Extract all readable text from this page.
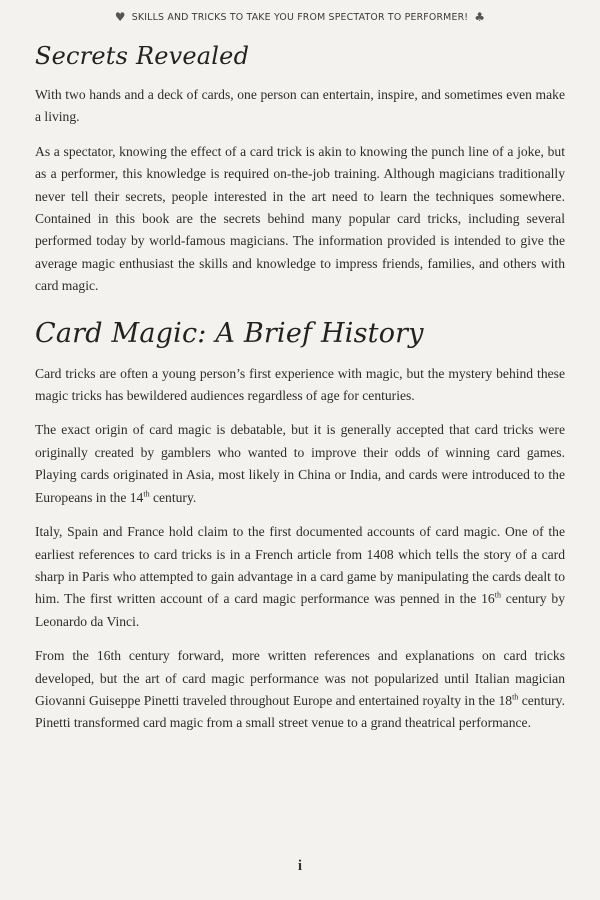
♥ SKILLS AND TRICKS TO TAKE YOU FROM SPECTATOR TO PERFORMER! ♣
Secrets Revealed

With two hands and a deck of cards, one person can entertain, inspire, and sometimes even make a living.

As a spectator, knowing the effect of a card trick is akin to knowing the punch line of a joke, but as a performer, this knowledge is required on-the-job training. Although magicians traditionally never tell their secrets, people interested in the art need to learn the techniques somewhere. Contained in this book are the secrets behind many popular card tricks, including several performed today by world-famous magicians. The information provided is intended to give the average magic enthusiast the skills and knowledge to impress friends, families, and others with card magic.

Card Magic: A Brief History

Card tricks are often a young person’s first experience with magic, but the mystery behind these magic tricks has bewildered audiences regardless of age for centuries.

The exact origin of card magic is debatable, but it is generally accepted that card tricks were originally created by gamblers who wanted to improve their odds of winning card games. Playing cards originated in Asia, most likely in China or India, and cards were introduced to the Europeans in the 14th century.

Italy, Spain and France hold claim to the first documented accounts of card magic. One of the earliest references to card tricks is in a French article from 1408 which tells the story of a card sharp in Paris who attempted to gain advantage in a card game by manipulating the cards dealt to him. The first written account of a card magic performance was penned in the 16th century by Leonardo da Vinci.

From the 16th century forward, more written references and explanations on card tricks developed, but the art of card magic performance was not popularized until Italian magician Giovanni Guiseppe Pinetti traveled throughout Europe and entertained royalty in the 18th century. Pinetti transformed card magic from a small street venue to a grand theatrical performance.

i
